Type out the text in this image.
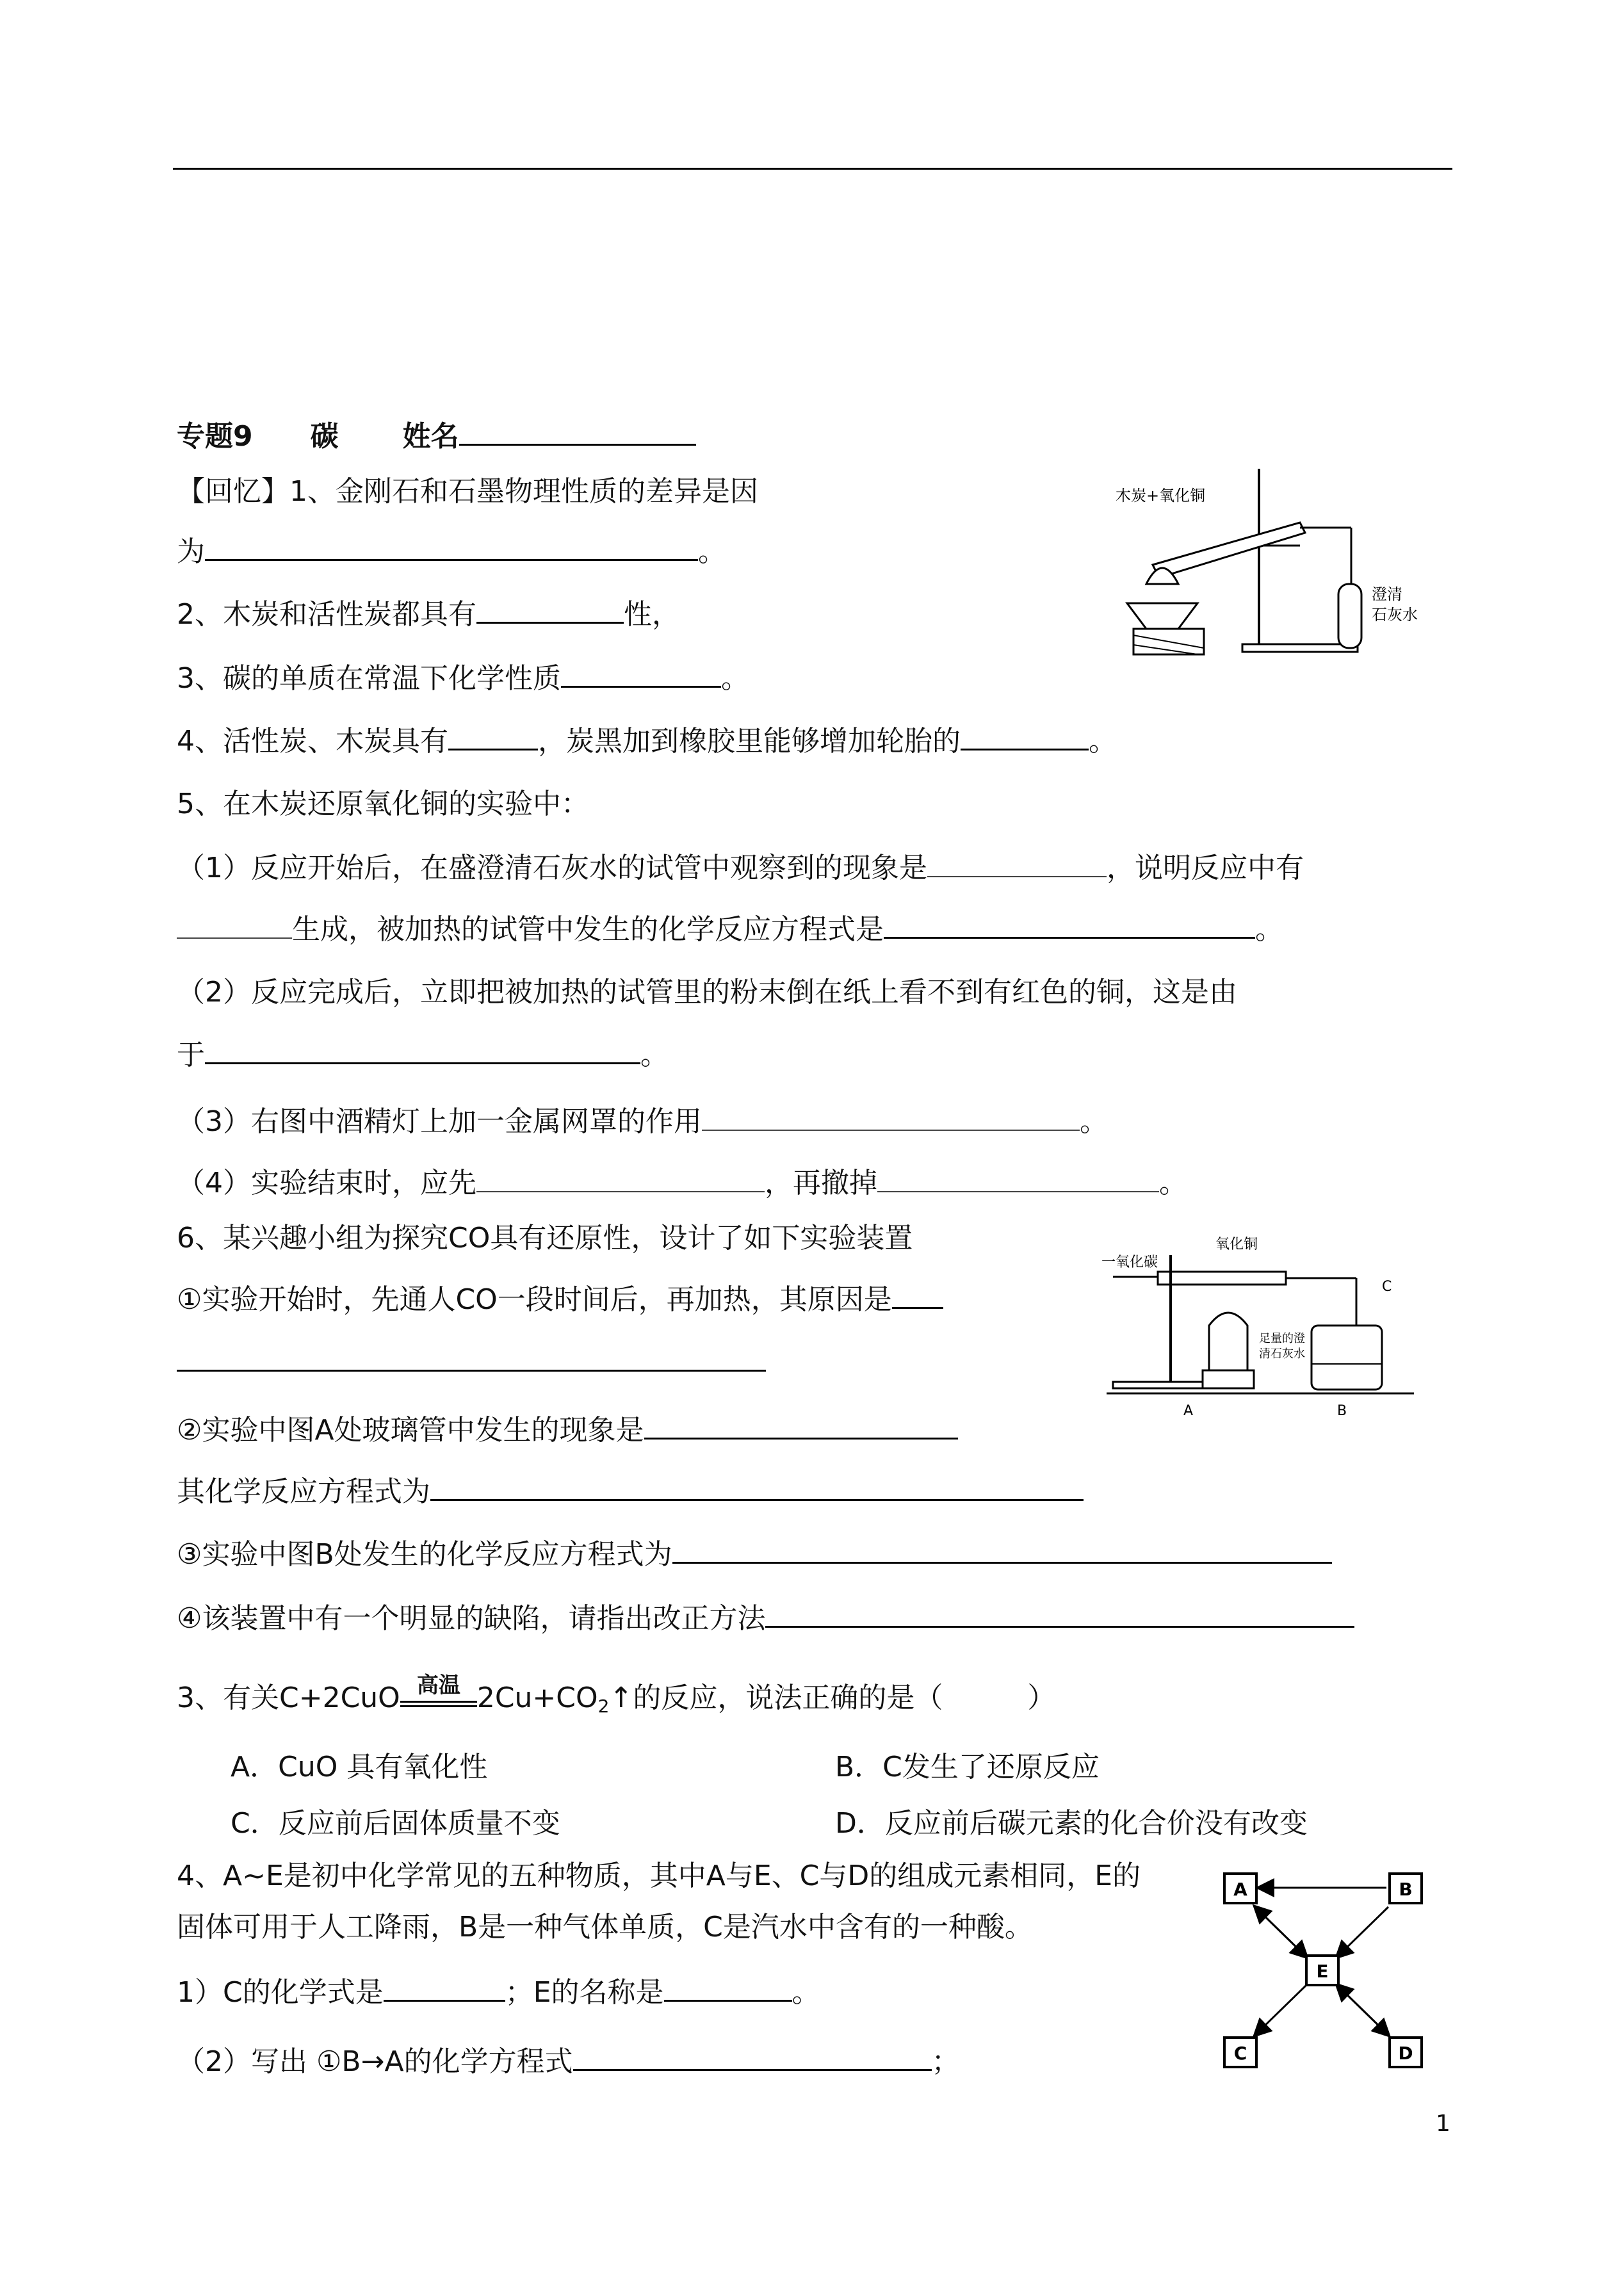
专题9 碳 姓名
【回忆】1、金刚石和石墨物理性质的差异是因
为	。
2、木炭和活性炭都具有	性，
3、碳的单质在常温下化学性质	。
4、活性炭、木炭具有	，炭黑加到橡胶里能够增加轮胎的	。
5、在木炭还原氧化铜的实验中：
（1）反应开始后，在盛澄清石灰水的试管中观察到的现象是	，说明反应中有
生成，被加热的试管中发生的化学反应方程式是	。
（2）反应完成后，立即把被加热的试管里的粉末倒在纸上看不到有红色的铜，这是由
于	。
（3）右图中酒精灯上加一金属网罩的作用	。
（4）实验结束时，应先	，再撤掉	。
6、某兴趣小组为探究CO具有还原性，设计了如下实验装置
①实验开始时，先通人CO一段时间后，再加热，其原因是
②实验中图A处玻璃管中发生的现象是
其化学反应方程式为
③实验中图B处发生的化学反应方程式为
④该装置中有一个明显的缺陷，请指出改正方法
3、有关C+2CuO 高温 $2Cu+CO_2↑$的反应，说法正确的是（　　　）
A．CuO 具有氧化性	B．C发生了还原反应
C．反应前后固体质量不变	D．反应前后碳元素的化合价没有改变
4、A~E是初中化学常见的五种物质，其中A与E、C与D的组成元素相同，E的
固体可用于人工降雨，B是一种气体单质，C是汽水中含有的一种酸。
1）C的化学式是	；E的名称是	。
（2）写出 ①B→A的化学方程式	；
木炭+氧化铜
澄清
石灰水
一氧化碳
氧化铜
C
足量的澄
清石灰水
A	B
A	B
E
C	D
1
